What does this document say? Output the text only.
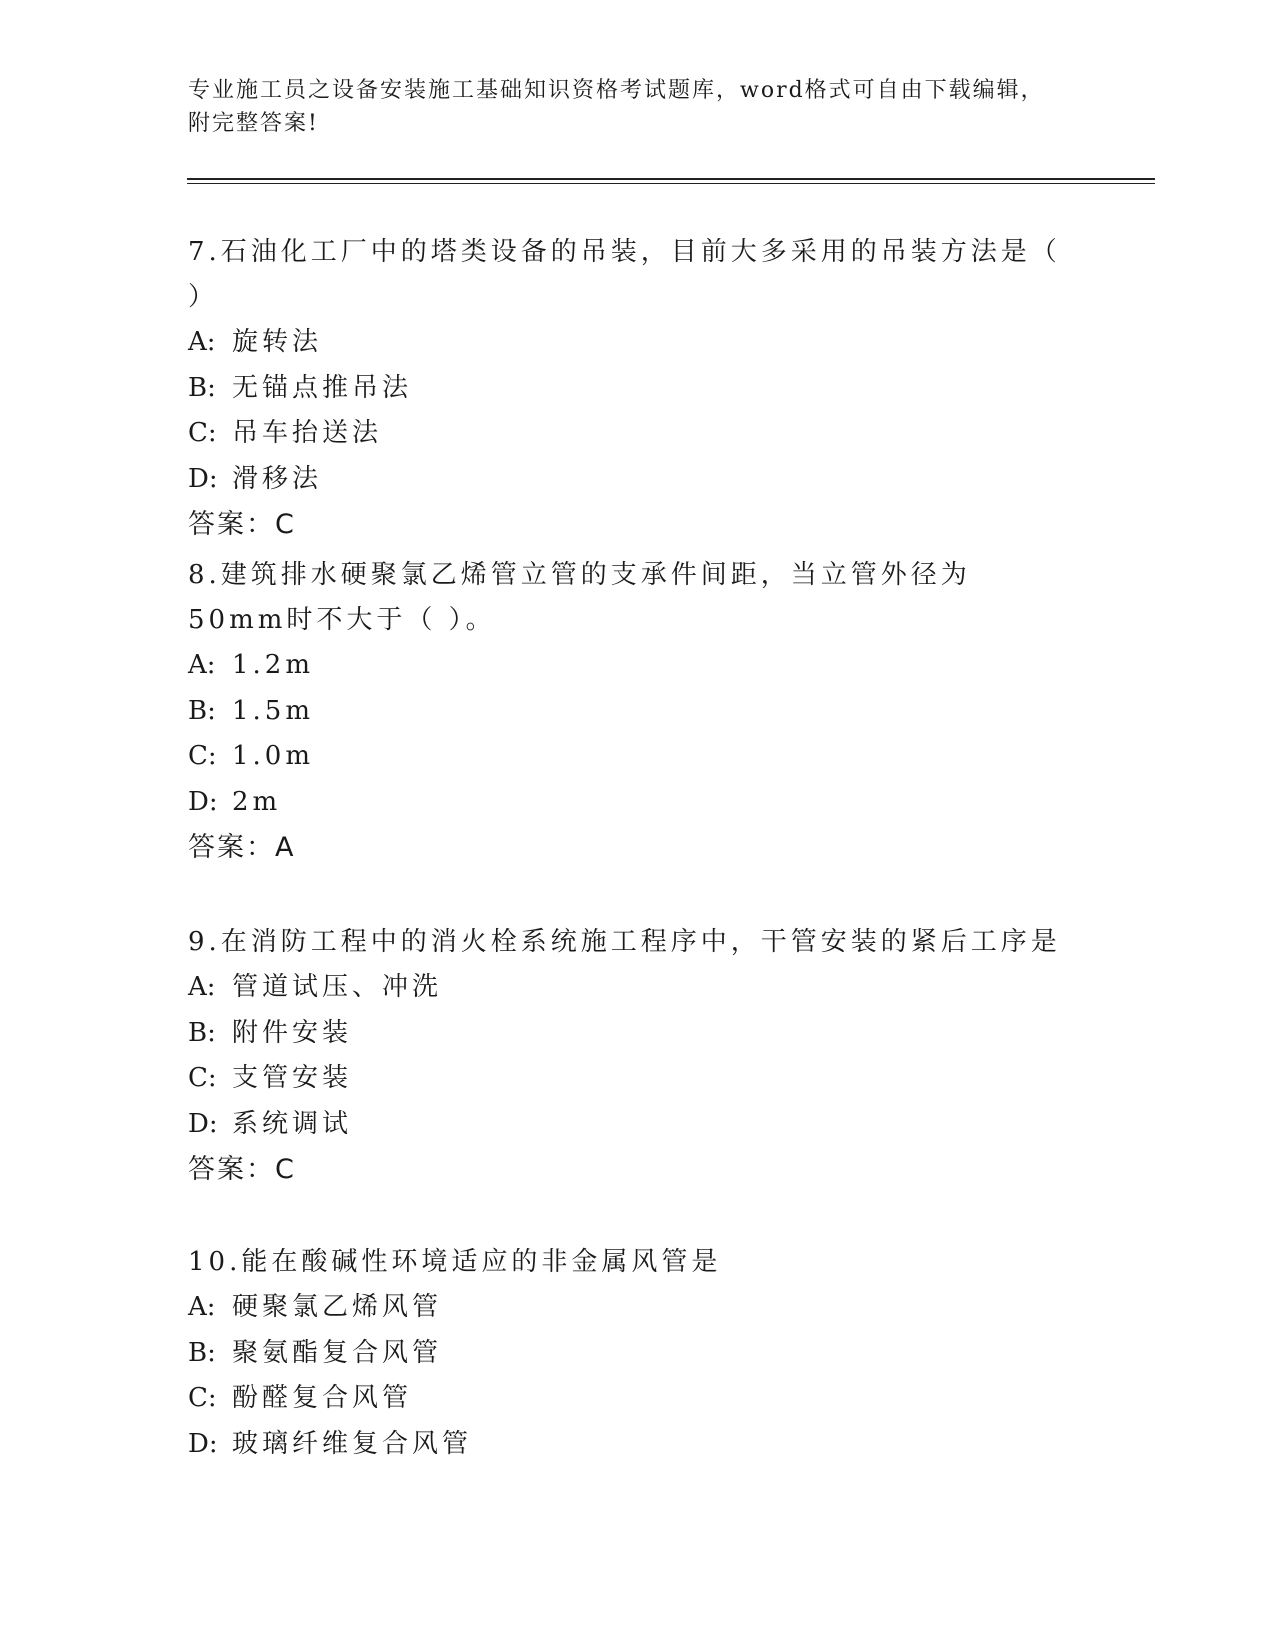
专业施工员之设备安装施工基础知识资格考试题库，word格式可自由下载编辑，
附完整答案!

7.石油化工厂中的塔类设备的吊装，目前大多采用的吊装方法是（ ）

A: 旋转法

B: 无锚点推吊法

C: 吊车抬送法

D: 滑移法

答案：C

8.建筑排水硬聚氯乙烯管立管的支承件间距，当立管外径为50mm时不大于（ ）。

A: 1.2m

B: 1.5m

C: 1.0m

D: 2m

答案：A

9.在消防工程中的消火栓系统施工程序中，干管安装的紧后工序是

A: 管道试压、冲洗

B: 附件安装

C: 支管安装

D: 系统调试

答案：C

10.能在酸碱性环境适应的非金属风管是

A: 硬聚氯乙烯风管

B: 聚氨酯复合风管

C: 酚醛复合风管

D: 玻璃纤维复合风管
